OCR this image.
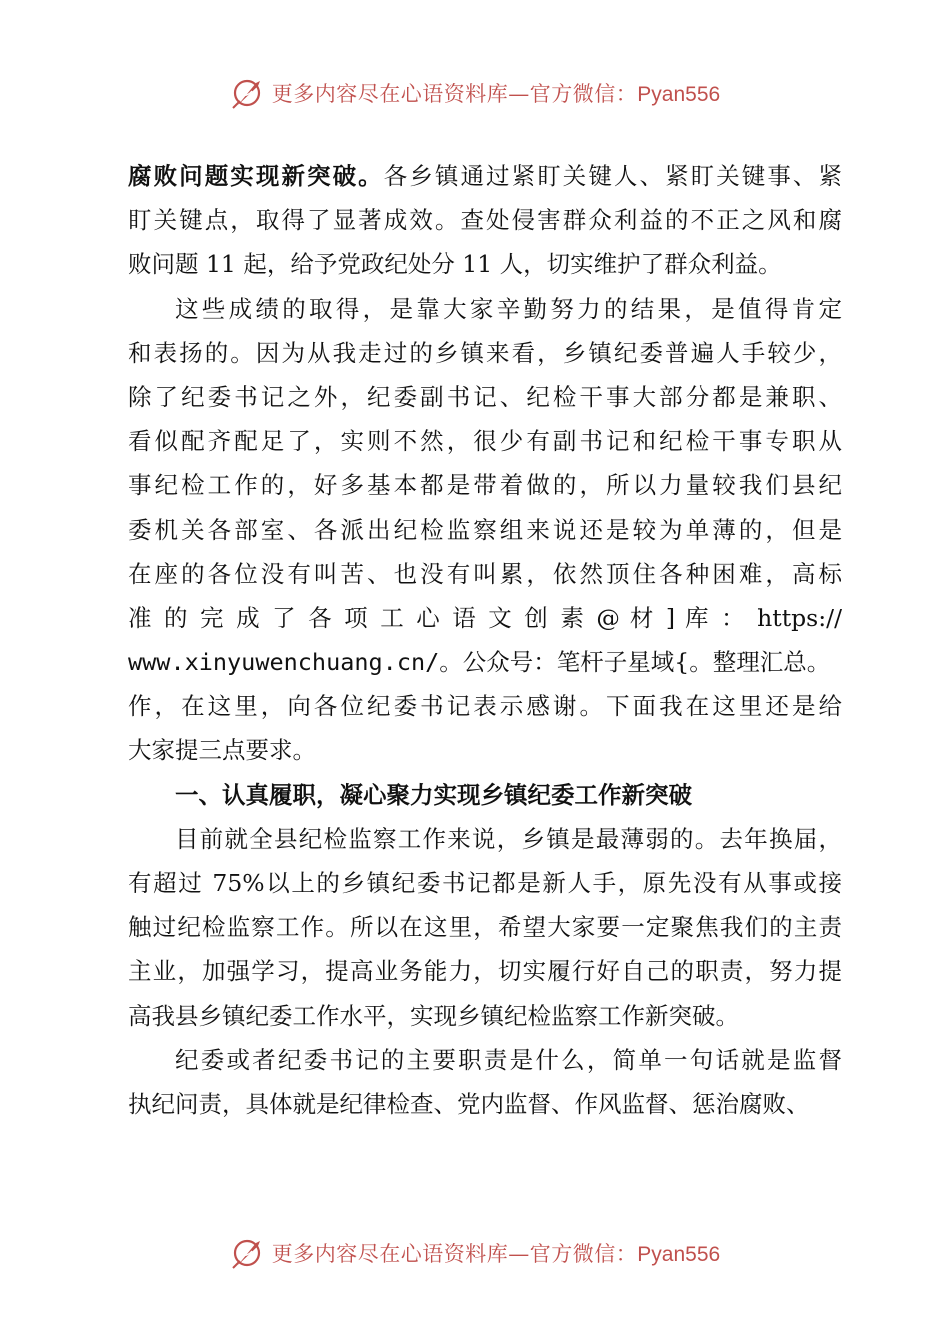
更多内容尽在心语资料库—官方微信：Pyan556
腐败问题实现新突破。各乡镇通过紧盯关键人、紧盯关键事、紧
盯关键点，取得了显著成效。查处侵害群众利益的不正之风和腐
败问题 11 起，给予党政纪处分 11 人，切实维护了群众利益。
这些成绩的取得，是靠大家辛勤努力的结果，是值得肯定
和表扬的。因为从我走过的乡镇来看，乡镇纪委普遍人手较少，
除了纪委书记之外，纪委副书记、纪检干事大部分都是兼职、
看似配齐配足了，实则不然，很少有副书记和纪检干事专职从
事纪检工作的，好多基本都是带着做的，所以力量较我们县纪
委机关各部室、各派出纪检监察组来说还是较为单薄的，但是
在座的各位没有叫苦、也没有叫累，依然顶住各种困难，高标
准 的 完 成 了 各 项 工 心 语 文 创 素 @ 材 ] 库 ： https://
www.xinyuwenchuang.cn/。公众号：笔杆子星域{。整理汇总。
作，在这里，向各位纪委书记表示感谢。下面我在这里还是给
大家提三点要求。
一、认真履职，凝心聚力实现乡镇纪委工作新突破
目前就全县纪检监察工作来说，乡镇是最薄弱的。去年换届，
有超过 75%以上的乡镇纪委书记都是新人手，原先没有从事或接
触过纪检监察工作。所以在这里，希望大家要一定聚焦我们的主责
主业，加强学习，提高业务能力，切实履行好自己的职责，努力提
高我县乡镇纪委工作水平，实现乡镇纪检监察工作新突破。
纪委或者纪委书记的主要职责是什么，简单一句话就是监督
执纪问责，具体就是纪律检查、党内监督、作风监督、惩治腐败、
更多内容尽在心语资料库—官方微信：Pyan556
